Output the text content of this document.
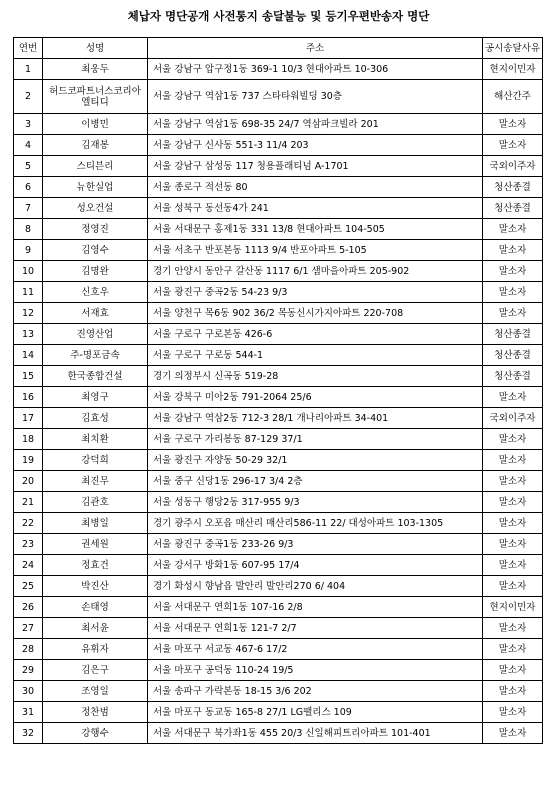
체납자 명단공개 사전통지 송달불능 및 등기우편반송자 명단
연번	성명	주소	공시송달사유
1	최웅두	서울 강남구 압구정1동 369-1 10/3 현대아파트 10-306	현지이민자
2	허드코파트너스코리아엘티디	서울 강남구 역삼1동 737 스타타워빌딩 30층	해산간주
3	이병민	서울 강남구 역삼1동 698-35 24/7 역삼파크빌라 201	말소자
4	김재봉	서울 강남구 신사동 551-3 11/4 203	말소자
5	스티븐리	서울 강남구 삼성동 117 청용플래티넘 A-1701	국외이주자
6	뉴한실업	서울 종로구 적선동 80	청산종결
7	성오건설	서울 성북구 동선동4가 241	청산종결
8	정영진	서울 서대문구 홍제1동 331 13/8 현대아파트 104-505	말소자
9	김영수	서울 서초구 반포본동 1113 9/4 반포아파트 5-105	말소자
10	김명완	경기 안양시 동안구 갈산동 1117 6/1 샘마을아파트 205-902	말소자
11	신호우	서울 광진구 중곡2동 54-23 9/3	말소자
12	서재효	서울 양천구 목6동 902 36/2 목동신시가지아파트 220-708	말소자
13	진영산업	서울 구로구 구로본동 426-6	청산종결
14	주-명포금속	서울 구로구 구로동 544-1	청산종결
15	한국종합건설	경기 의정부시 신곡동 519-28	청산종결
16	최영구	서울 강북구 미아2동 791-2064 25/6	말소자
17	김효성	서울 강남구 역삼2동 712-3 28/1 개나리아파트 34-401	국외이주자
18	최치환	서울 구로구 가리봉동 87-129 37/1	말소자
19	강덕희	서울 광진구 자양동 50-29 32/1	말소자
20	최진무	서울 중구 신당1동 296-17 3/4 2층	말소자
21	김관호	서울 성동구 행당2동 317-955 9/3	말소자
22	최병일	경기 광주시 오포읍 매산리 매산리586-11 22/ 대성아파트 103-1305	말소자
23	권세원	서울 광진구 중곡1동 233-26 9/3	말소자
24	정효건	서울 강서구 방화1동 607-95 17/4	말소자
25	박진산	경기 화성시 향남읍 발안리 발안리270 6/ 404	말소자
26	손태영	서울 서대문구 연희1동 107-16 2/8	현지이민자
27	최서윤	서울 서대문구 연희1동 121-7 2/7	말소자
28	유휘자	서울 마포구 서교동 467-6 17/2	말소자
29	김은구	서울 마포구 공덕동 110-24 19/5	말소자
30	조영일	서울 송파구 가락본동 18-15 3/6 202	말소자
31	정찬범	서울 마포구 동교동 165-8 27/1 LG팰리스 109	말소자
32	강행수	서울 서대문구 북가좌1동 455 20/3 신일해피트리아파트 101-401	말소자
